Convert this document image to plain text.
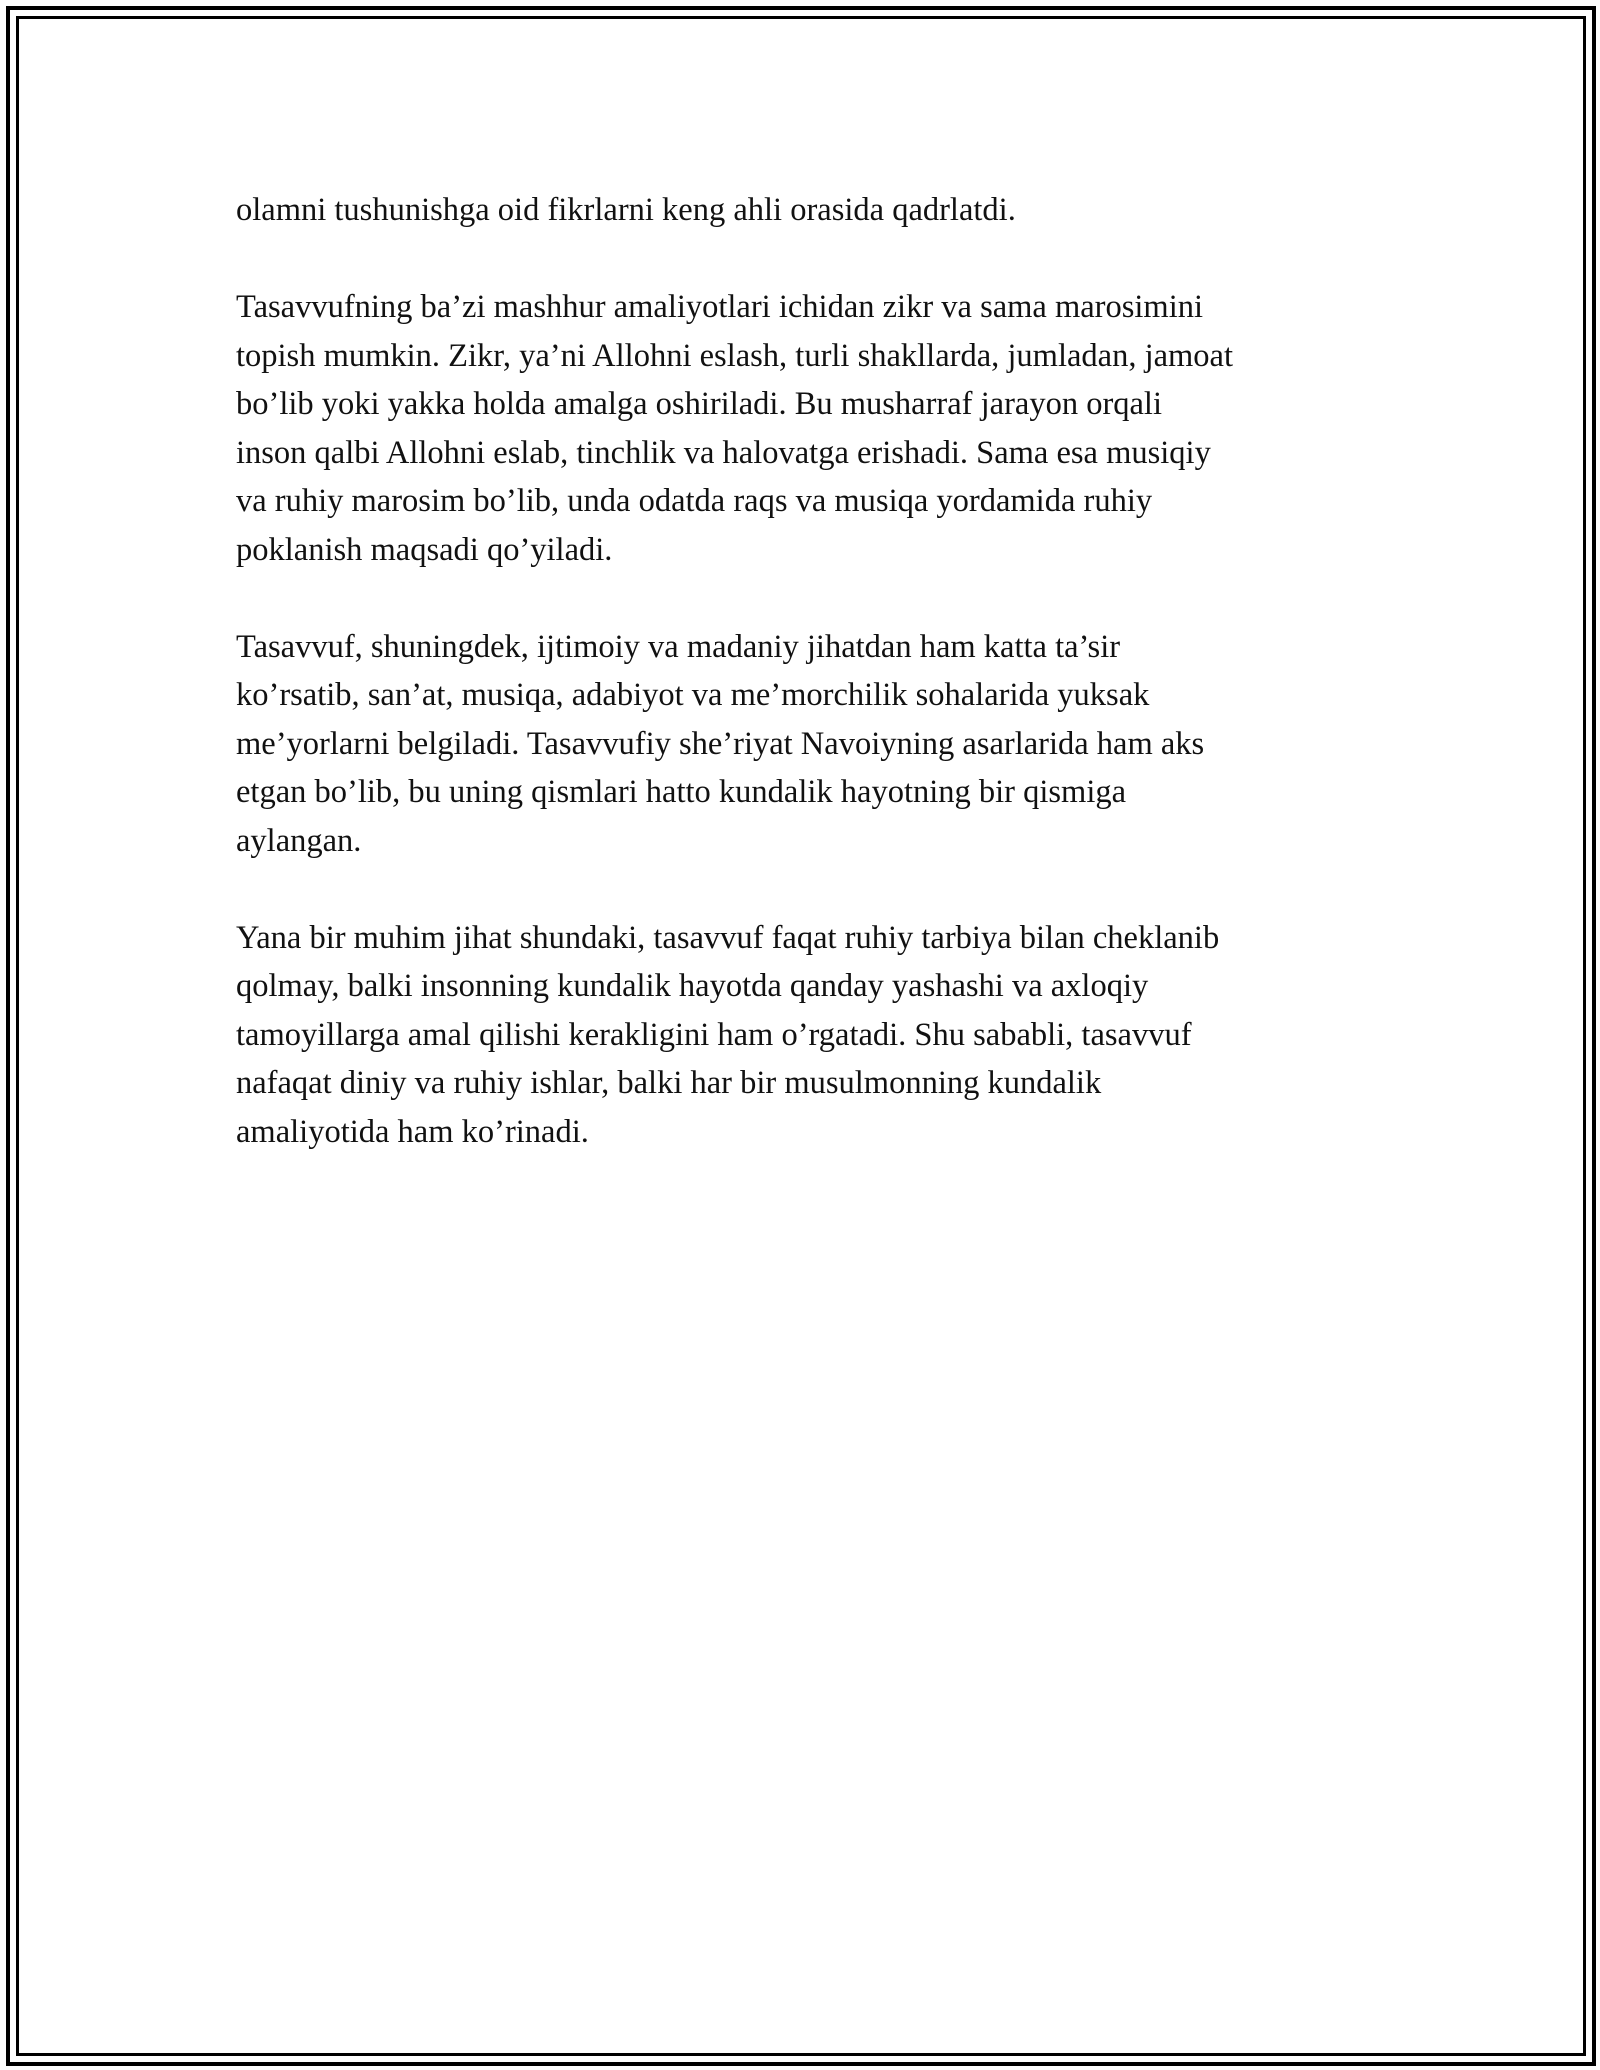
olamni tushunishga oid fikrlarni keng ahli orasida qadrlatdi.

Tasavvufning ba’zi mashhur amaliyotlari ichidan zikr va sama marosimini
topish mumkin. Zikr, ya’ni Allohni eslash, turli shakllarda, jumladan, jamoat
bo’lib yoki yakka holda amalga oshiriladi. Bu musharraf jarayon orqali
inson qalbi Allohni eslab, tinchlik va halovatga erishadi. Sama esa musiqiy
va ruhiy marosim bo’lib, unda odatda raqs va musiqa yordamida ruhiy
poklanish maqsadi qo’yiladi.

Tasavvuf, shuningdek, ijtimoiy va madaniy jihatdan ham katta ta’sir
ko’rsatib, san’at, musiqa, adabiyot va me’morchilik sohalarida yuksak
me’yorlarni belgiladi. Tasavvufiy she’riyat Navoiyning asarlarida ham aks
etgan bo’lib, bu uning qismlari hatto kundalik hayotning bir qismiga
aylangan.

Yana bir muhim jihat shundaki, tasavvuf faqat ruhiy tarbiya bilan cheklanib
qolmay, balki insonning kundalik hayotda qanday yashashi va axloqiy
tamoyillarga amal qilishi kerakligini ham o’rgatadi. Shu sababli, tasavvuf
nafaqat diniy va ruhiy ishlar, balki har bir musulmonning kundalik
amaliyotida ham ko’rinadi.
